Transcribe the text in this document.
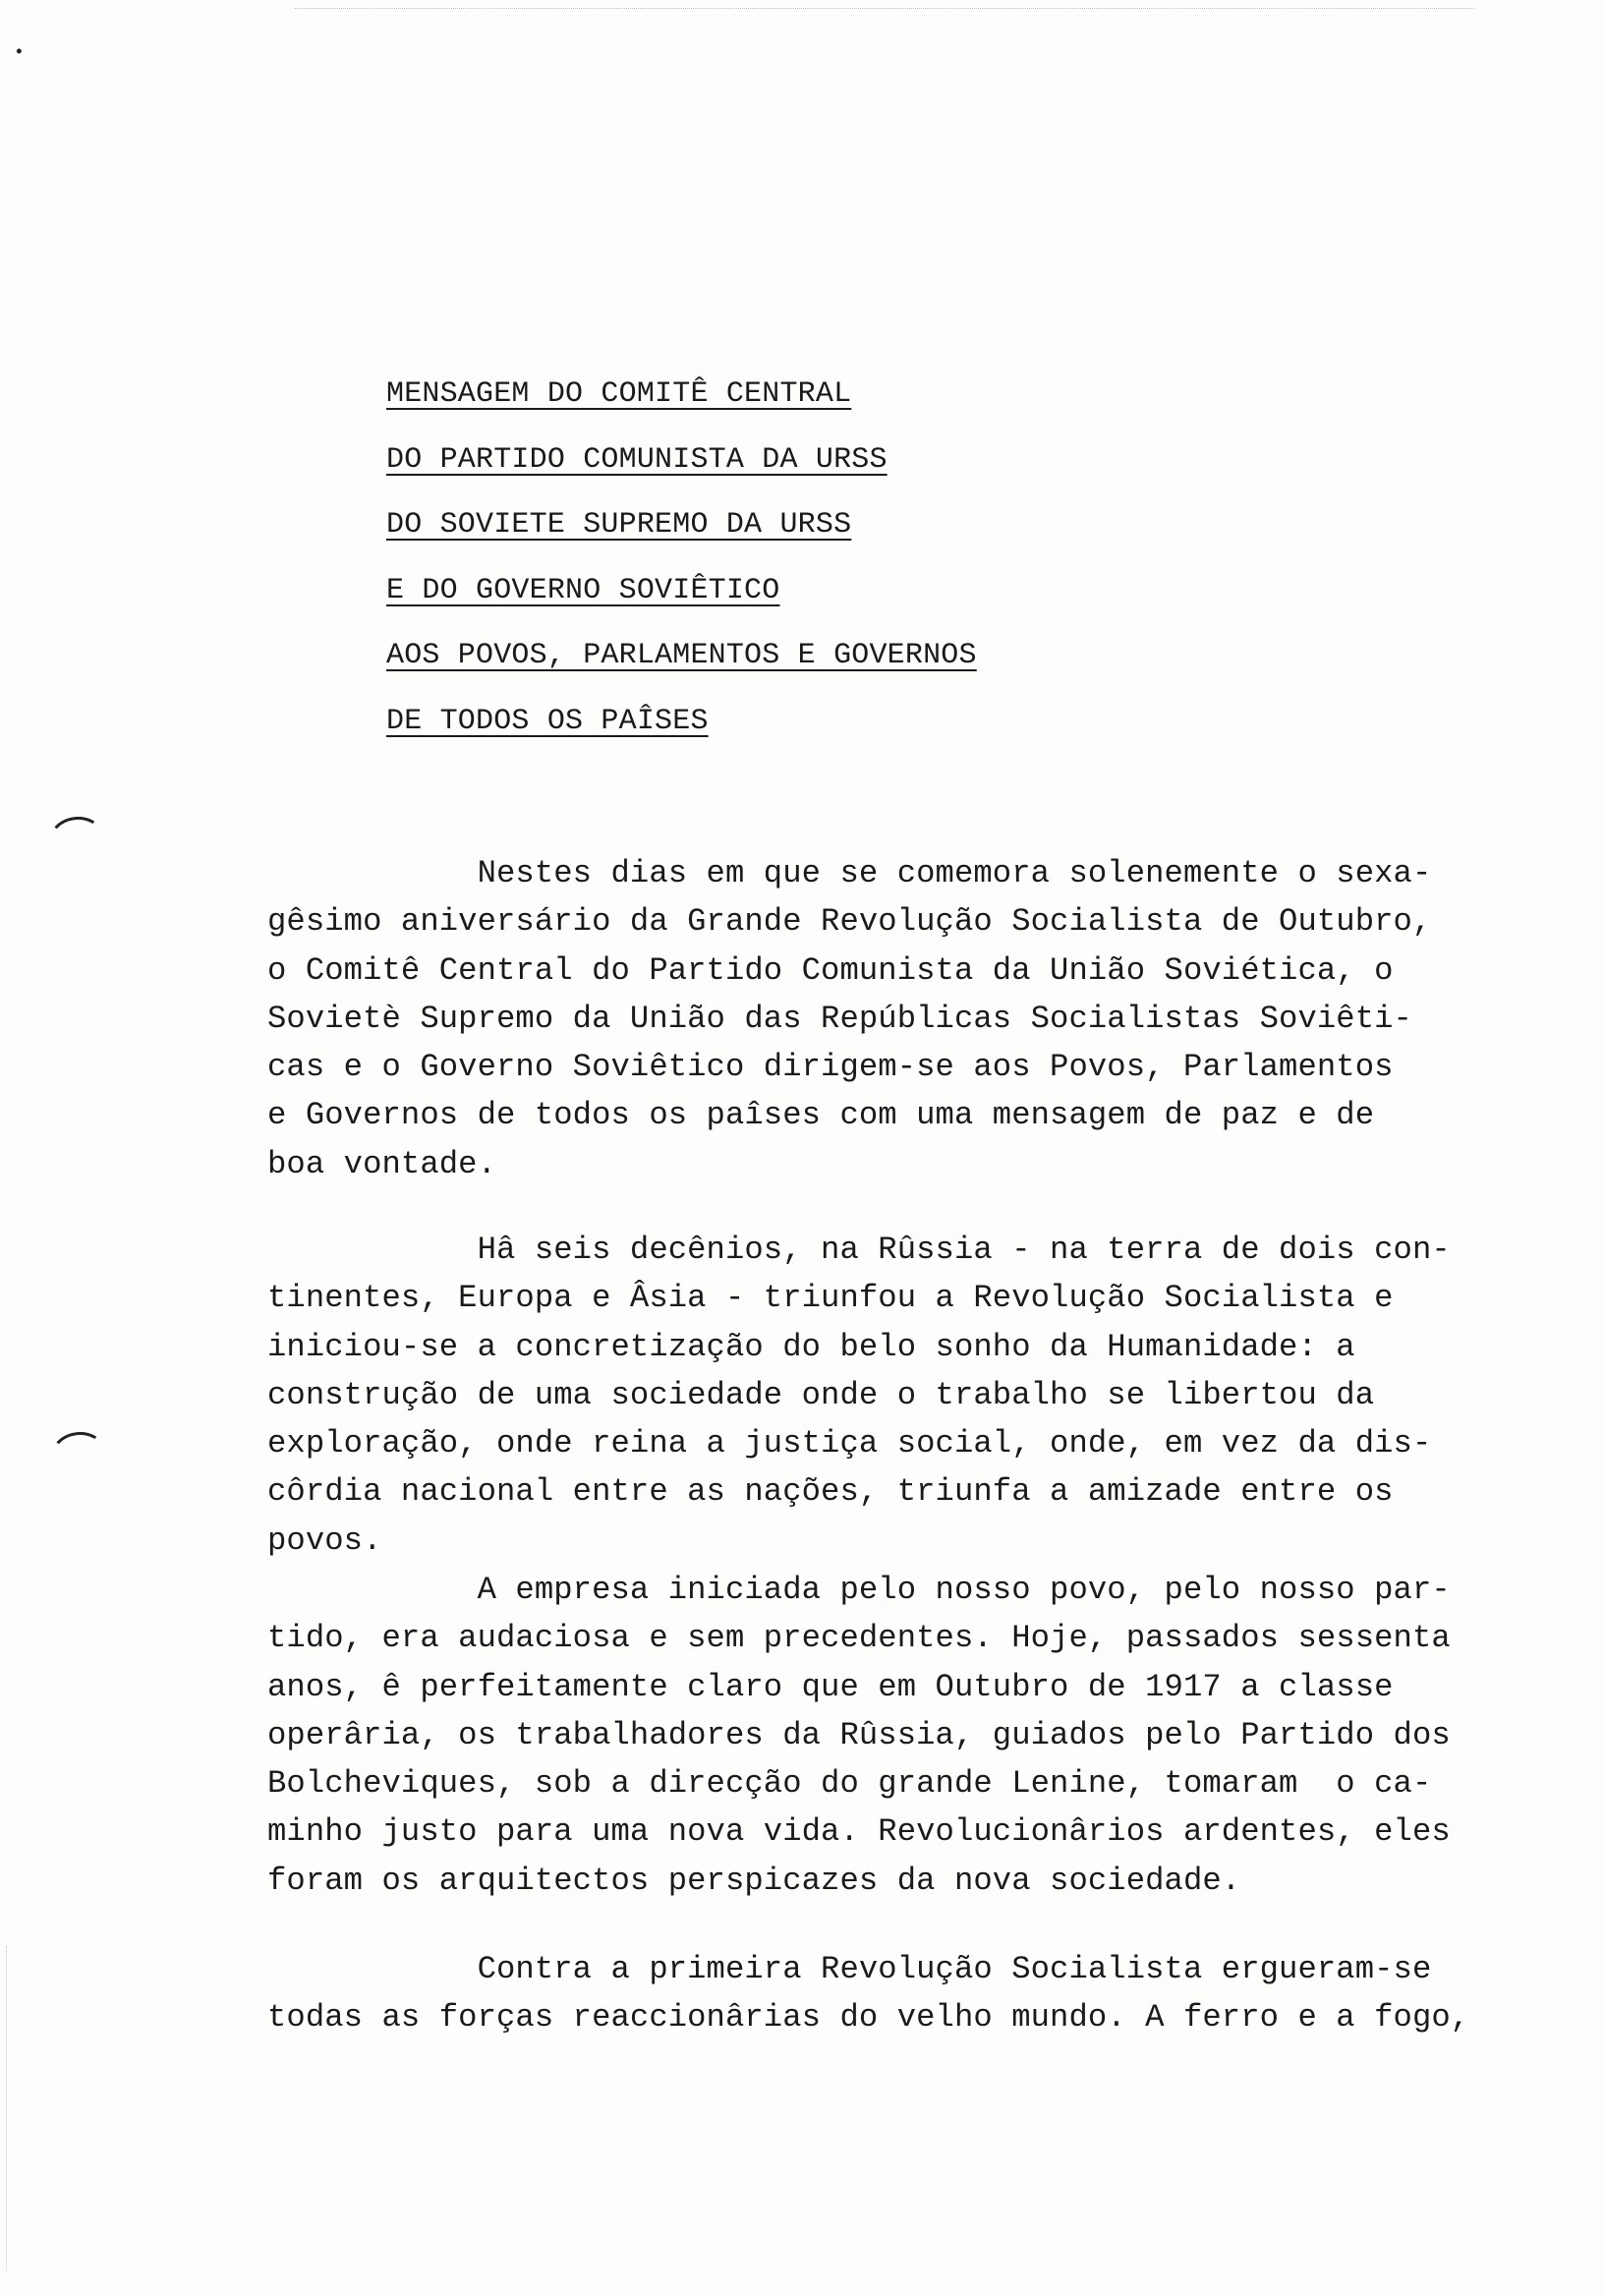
•
MENSAGEM DO COMITÊ CENTRAL
DO PARTIDO COMUNISTA DA URSS
DO SOVIETE SUPREMO DA URSS
E DO GOVERNO SOVIÊTICO
AOS POVOS, PARLAMENTOS E GOVERNOS
DE TODOS OS PAÎSES
Nestes dias em que se comemora solenemente o sexa-
gêsimo aniversário da Grande Revolução Socialista de Outubro,
o Comitê Central do Partido Comunista da União Soviética, o
Sovietè Supremo da União das Repúblicas Socialistas Soviêti-
cas e o Governo Soviêtico dirigem-se aos Povos, Parlamentos
e Governos de todos os paîses com uma mensagem de paz e de
boa vontade.
Hâ seis decênios, na Rûssia - na terra de dois con-
tinentes, Europa e Âsia - triunfou a Revolução Socialista e
iniciou-se a concretização do belo sonho da Humanidade: a
construção de uma sociedade onde o trabalho se libertou da
exploração, onde reina a justiça social, onde, em vez da dis-
côrdia nacional entre as nações, triunfa a amizade entre os
povos.
A empresa iniciada pelo nosso povo, pelo nosso par-
tido, era audaciosa e sem precedentes. Hoje, passados sessenta
anos, ê perfeitamente claro que em Outubro de 1917 a classe
operâria, os trabalhadores da Rûssia, guiados pelo Partido dos
Bolcheviques, sob a direcção do grande Lenine, tomaram  o ca-
minho justo para uma nova vida. Revolucionârios ardentes, eles
foram os arquitectos perspicazes da nova sociedade.
Contra a primeira Revolução Socialista ergueram-se
todas as forças reaccionârias do velho mundo. A ferro e a fogo,
